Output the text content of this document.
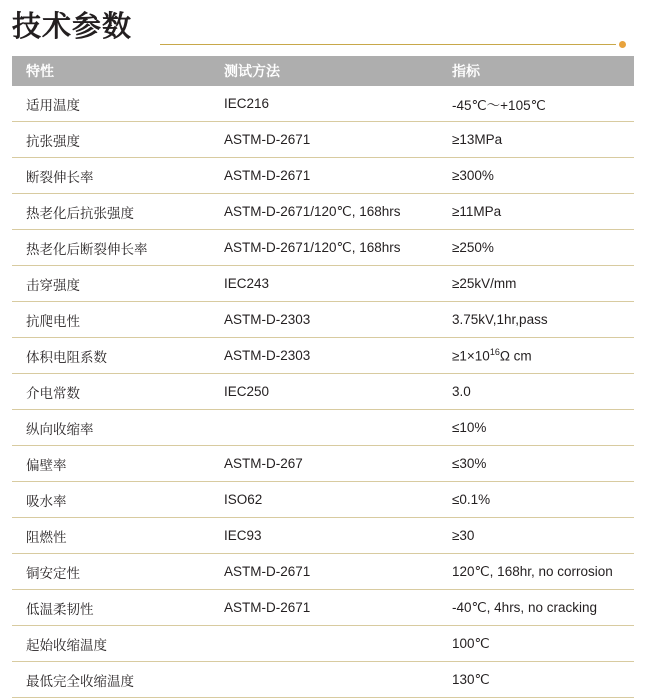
技术参数
特性	测试方法	指标
适用温度	IEC216	-45℃～+105℃
抗张强度	ASTM-D-2671	≥13MPa
断裂伸长率	ASTM-D-2671	≥300%
热老化后抗张强度	ASTM-D-2671/120℃, 168hrs	≥11MPa
热老化后断裂伸长率	ASTM-D-2671/120℃, 168hrs	≥250%
击穿强度	IEC243	≥25kV/mm
抗爬电性	ASTM-D-2303	3.75kV,1hr,pass
体积电阻系数	ASTM-D-2303	$\ge 1\times 10^{16}\Omega$ cm
介电常数	IEC250	3.0
纵向收缩率		≤10%
偏壁率	ASTM-D-267	≤30%
吸水率	ISO62	≤0.1%
阻燃性	IEC93	≥30
铜安定性	ASTM-D-2671	120℃, 168hr, no corrosion
低温柔韧性	ASTM-D-2671	-40℃, 4hrs, no cracking
起始收缩温度		100℃
最低完全收缩温度		130℃
